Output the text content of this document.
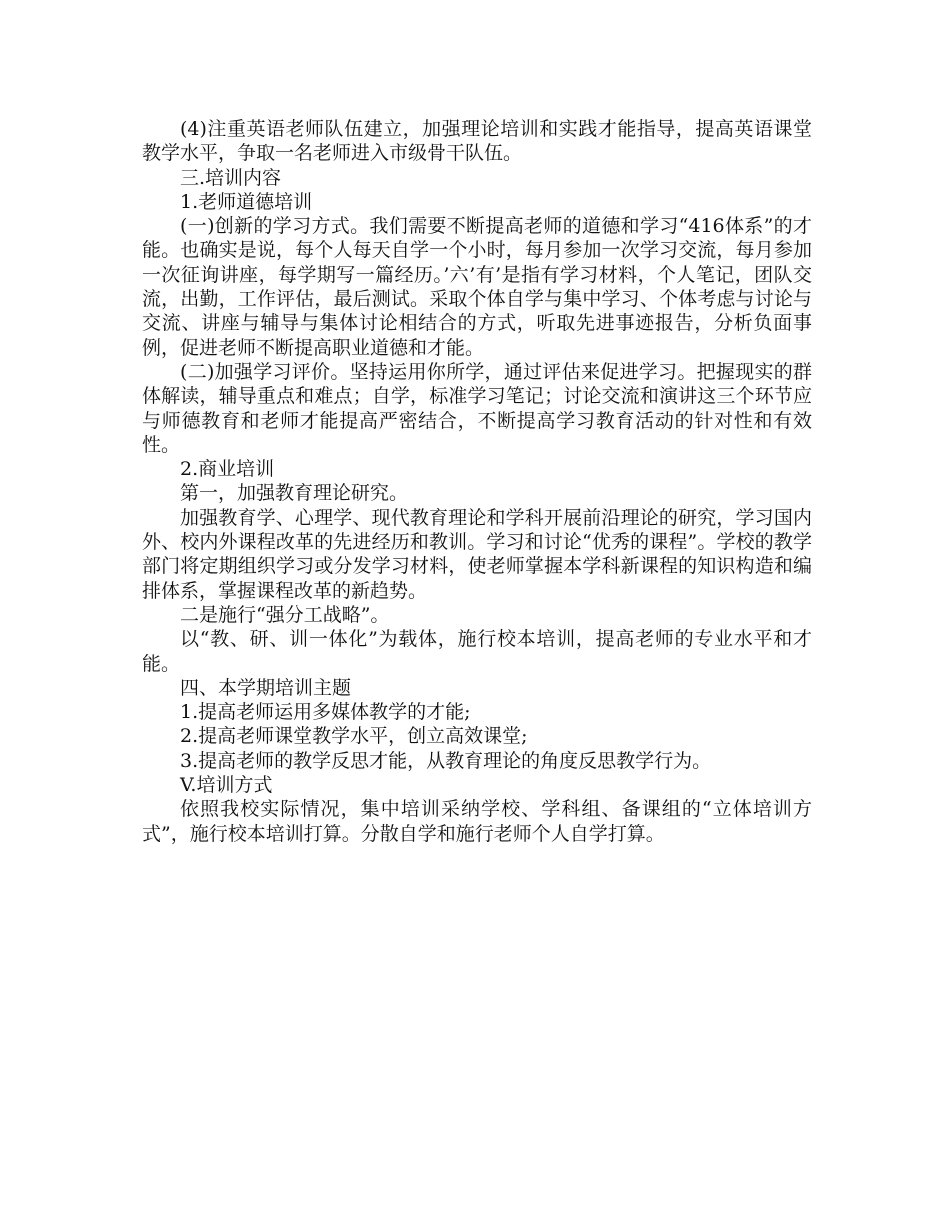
(4)注重英语老师队伍建立，加强理论培训和实践才能指导，提高英语课堂教学水平，争取一名老师进入市级骨干队伍。

三.培训内容

1.老师道德培训

(一)创新的学习方式。我们需要不断提高老师的道德和学习“416体系”的才能。也确实是说，每个人每天自学一个小时，每月参加一次学习交流，每月参加一次征询讲座，每学期写一篇经历。’六’有’是指有学习材料，个人笔记，团队交流，出勤，工作评估，最后测试。采取个体自学与集中学习、个体考虑与讨论与交流、讲座与辅导与集体讨论相结合的方式，听取先进事迹报告，分析负面事例，促进老师不断提高职业道德和才能。

(二)加强学习评价。坚持运用你所学，通过评估来促进学习。把握现实的群体解读，辅导重点和难点；自学，标准学习笔记；讨论交流和演讲这三个环节应与师德教育和老师才能提高严密结合，不断提高学习教育活动的针对性和有效性。

2.商业培训

第一，加强教育理论研究。

加强教育学、心理学、现代教育理论和学科开展前沿理论的研究，学习国内外、校内外课程改革的先进经历和教训。学习和讨论“优秀的课程”。学校的教学部门将定期组织学习或分发学习材料，使老师掌握本学科新课程的知识构造和编排体系，掌握课程改革的新趋势。

二是施行“强分工战略”。

以“教、研、训一体化”为载体，施行校本培训，提高老师的专业水平和才能。

四、本学期培训主题

1.提高老师运用多媒体教学的才能;

2.提高老师课堂教学水平，创立高效课堂;

3.提高老师的教学反思才能，从教育理论的角度反思教学行为。

V.培训方式

依照我校实际情况，集中培训采纳学校、学科组、备课组的“立体培训方式”，施行校本培训打算。分散自学和施行老师个人自学打算。
